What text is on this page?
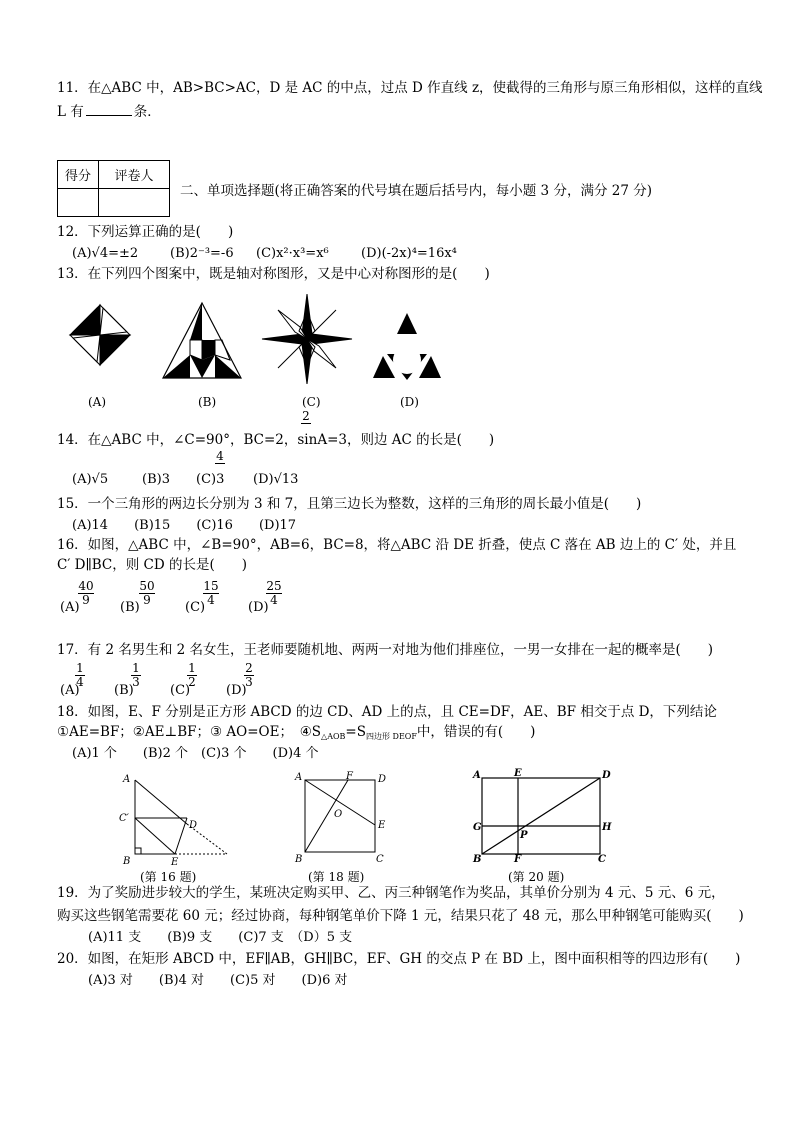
11．在△ABC 中，AB>BC>AC，D 是 AC 的中点，过点 D 作直线 z，使截得的三角形与原三角形相似，这样的直线
L 有	条．
得分	评卷人

二、单项选择题(将正确答案的代号填在题后括号内，每小题 3 分，满分 27 分)
12．下列运算正确的是(　　)
(A)√4=±2 (B)2⁻³=-6 (C)x²·x³=x⁶ (D)(-2x)⁴=16x⁴
13．在下列四个图案中，既是轴对称图形，又是中心对称图形的是(　　)
(A)	(B)	(C)	(D)
2
14．在△ABC 中，∠C=90°，BC=2，sinA=3，则边 AC 的长是(　　)
4
(A)√5	(B)3 (C)3 (D)√13
15．一个三角形的两边长分别为 3 和 7，且第三边长为整数，这样的三角形的周长最小值是(　　)
(A)14　　(B)15　　(C)16　　(D)17
16．如图，△ABC 中，∠B=90°，AB=6，BC=8，将△ABC 沿 DE 折叠，使点 C 落在 AB 边上的 C′ 处，并且
C′ D∥BC，则 CD 的长是(　　)
(A)
40
9	(B)
50
9	(C)
15
4	(D)
25
4
17．有 2 名男生和 2 名女生，王老师要随机地、两两一对地为他们排座位，一男一女排在一起的概率是(　　)
(A)
1
4
(B)
1
3
(C)
1
2
(D)
2
3
18．如图，E、F 分别是正方形 ABCD 的边 CD、AD 上的点，且 CE=DF，AE、BF 相交于点 D，下列结论
①AE=BF；②AE⊥BF；③ AO=OE；　$④S_{\triangle AOB}=S_{四边形 DEOF}$中，错误的有(　　)
(A)1 个　　(B)2 个　(C)3 个　　(D)4 个
A
C′
D
B	E
(第 16 题)
A	F	D
O
E
B	C
(第 18 题)
A	E	D
G	H
P
B	F	C
(第 20 题)
19．为了奖励进步较大的学生，某班决定购买甲、乙、丙三种钢笔作为奖品，其单价分别为 4 元、5 元、6 元，
购买这些钢笔需要花 60 元；经过协商，每种钢笔单价下降 1 元，结果只花了 48 元，那么甲种钢笔可能购买(　　)
(A)11 支　　(B)9 支　　(C)7 支　（D）5 支
20．如图，在矩形 ABCD 中，EF∥AB，GH∥BC，EF、GH 的交点 P 在 BD 上，图中面积相等的四边形有(　　)
(A)3 对　　(B)4 对　　(C)5 对　　(D)6 对
